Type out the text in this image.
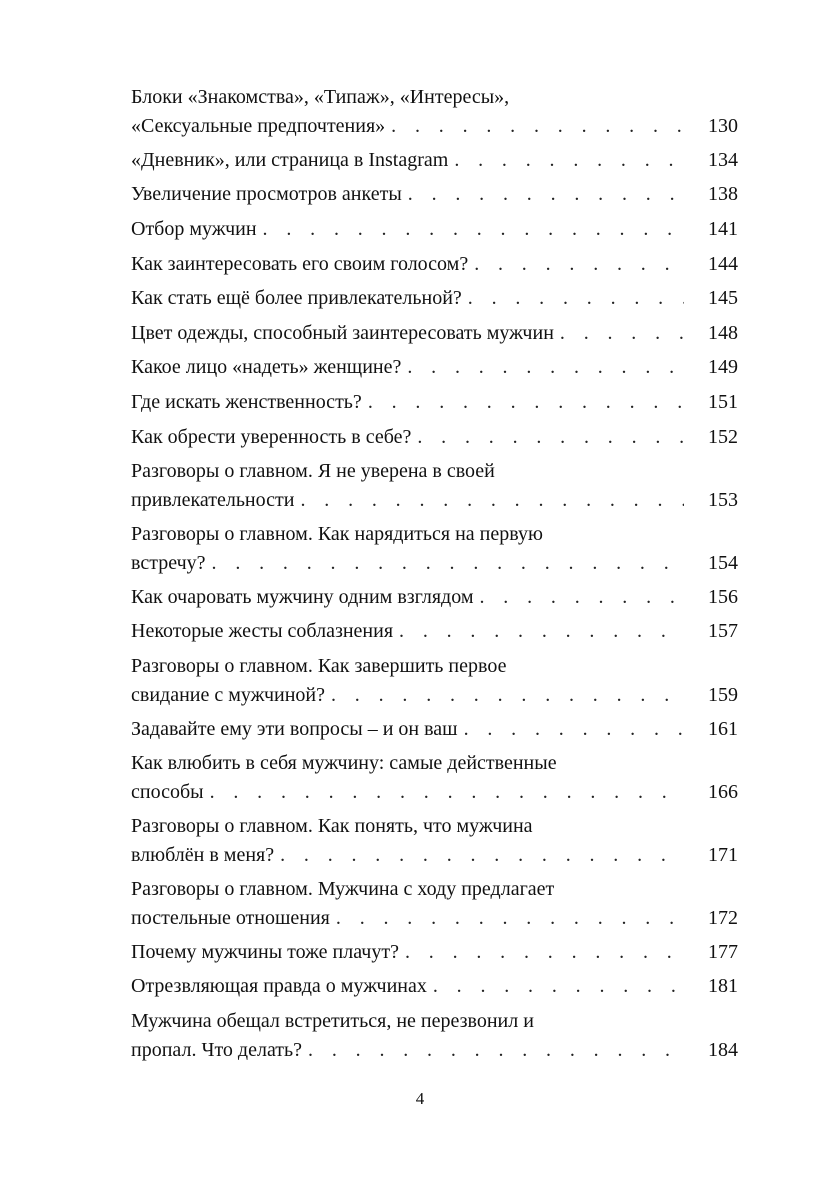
Блоки «Знакомства», «Типаж», «Интересы»,
«Сексуальные предпочтения» . . .	130
«Дневник», или страница в Instagram . . .	134
Увеличение просмотров анкеты . . .	138
Отбор мужчин . . .	141
Как заинтересовать его своим голосом? . . .	144
Как стать ещё более привлекательной? . . .	145
Цвет одежды, способный заинтересовать мужчин . . .	148
Какое лицо «надеть» женщине? . . .	149
Где искать женственность? . . .	151
Как обрести уверенность в себе? . . .	152
Разговоры о главном. Я не уверена в своей
привлекательности . . .	153
Разговоры о главном. Как нарядиться на первую
встречу? . . .	154
Как очаровать мужчину одним взглядом . . .	156
Некоторые жесты соблазнения . . .	157
Разговоры о главном. Как завершить первое
свидание с мужчиной? . . .	159
Задавайте ему эти вопросы – и он ваш . . .	161
Как влюбить в себя мужчину: самые действенные
способы . . .	166
Разговоры о главном. Как понять, что мужчина
влюблён в меня? . . .	171
Разговоры о главном. Мужчина с ходу предлагает
постельные отношения . . .	172
Почему мужчины тоже плачут? . . .	177
Отрезвляющая правда о мужчинах . . .	181
Мужчина обещал встретиться, не перезвонил и
пропал. Что делать? . . .	184
4
